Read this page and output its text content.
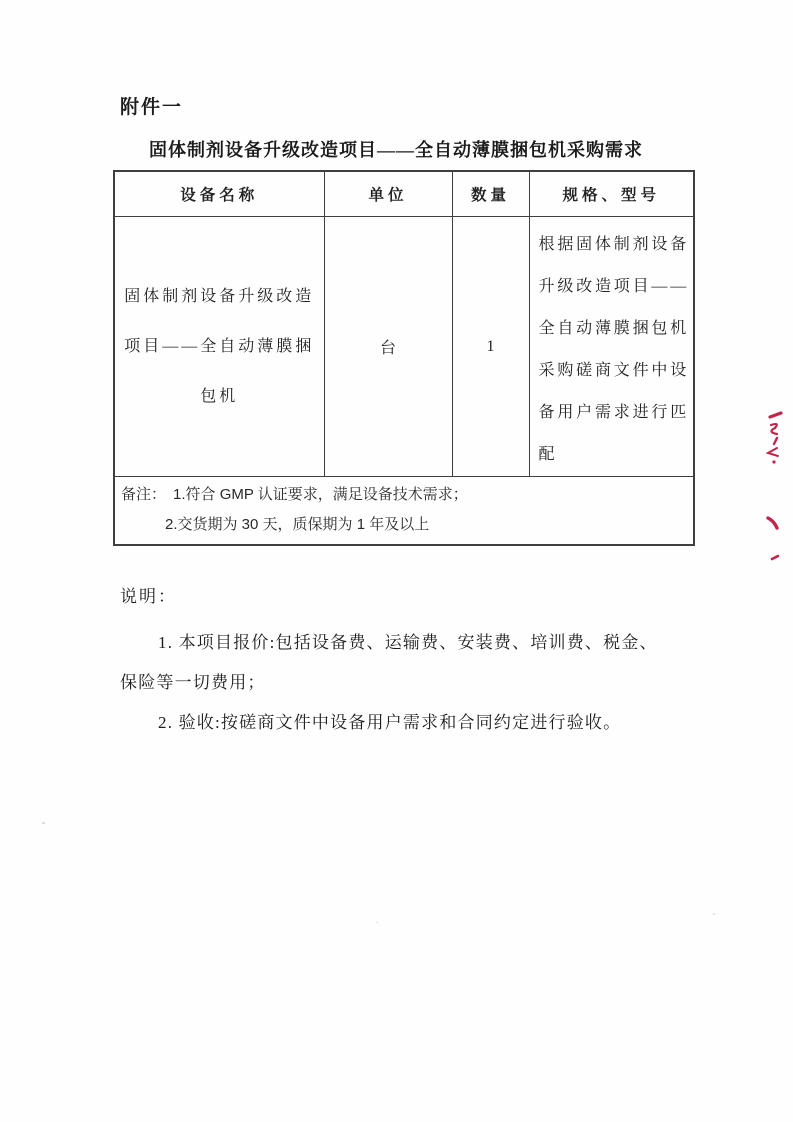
附件一
固体制剂设备升级改造项目——全自动薄膜捆包机采购需求
设备名称	单位	数量	规格、型号
固体制剂设备升级改造项目——全自动薄膜捆包机	台	1	根据固体制剂设备升级改造项目——全自动薄膜捆包机采购磋商文件中设备用户需求进行匹配

备注： 1.符合 GMP 认证要求，满足设备技术需求；
2.交货期为 30 天，质保期为 1 年及以上			
说明：
1. 本项目报价:包括设备费、运输费、安装费、培训费、税金、
保险等一切费用；
2. 验收:按磋商文件中设备用户需求和合同约定进行验收。
